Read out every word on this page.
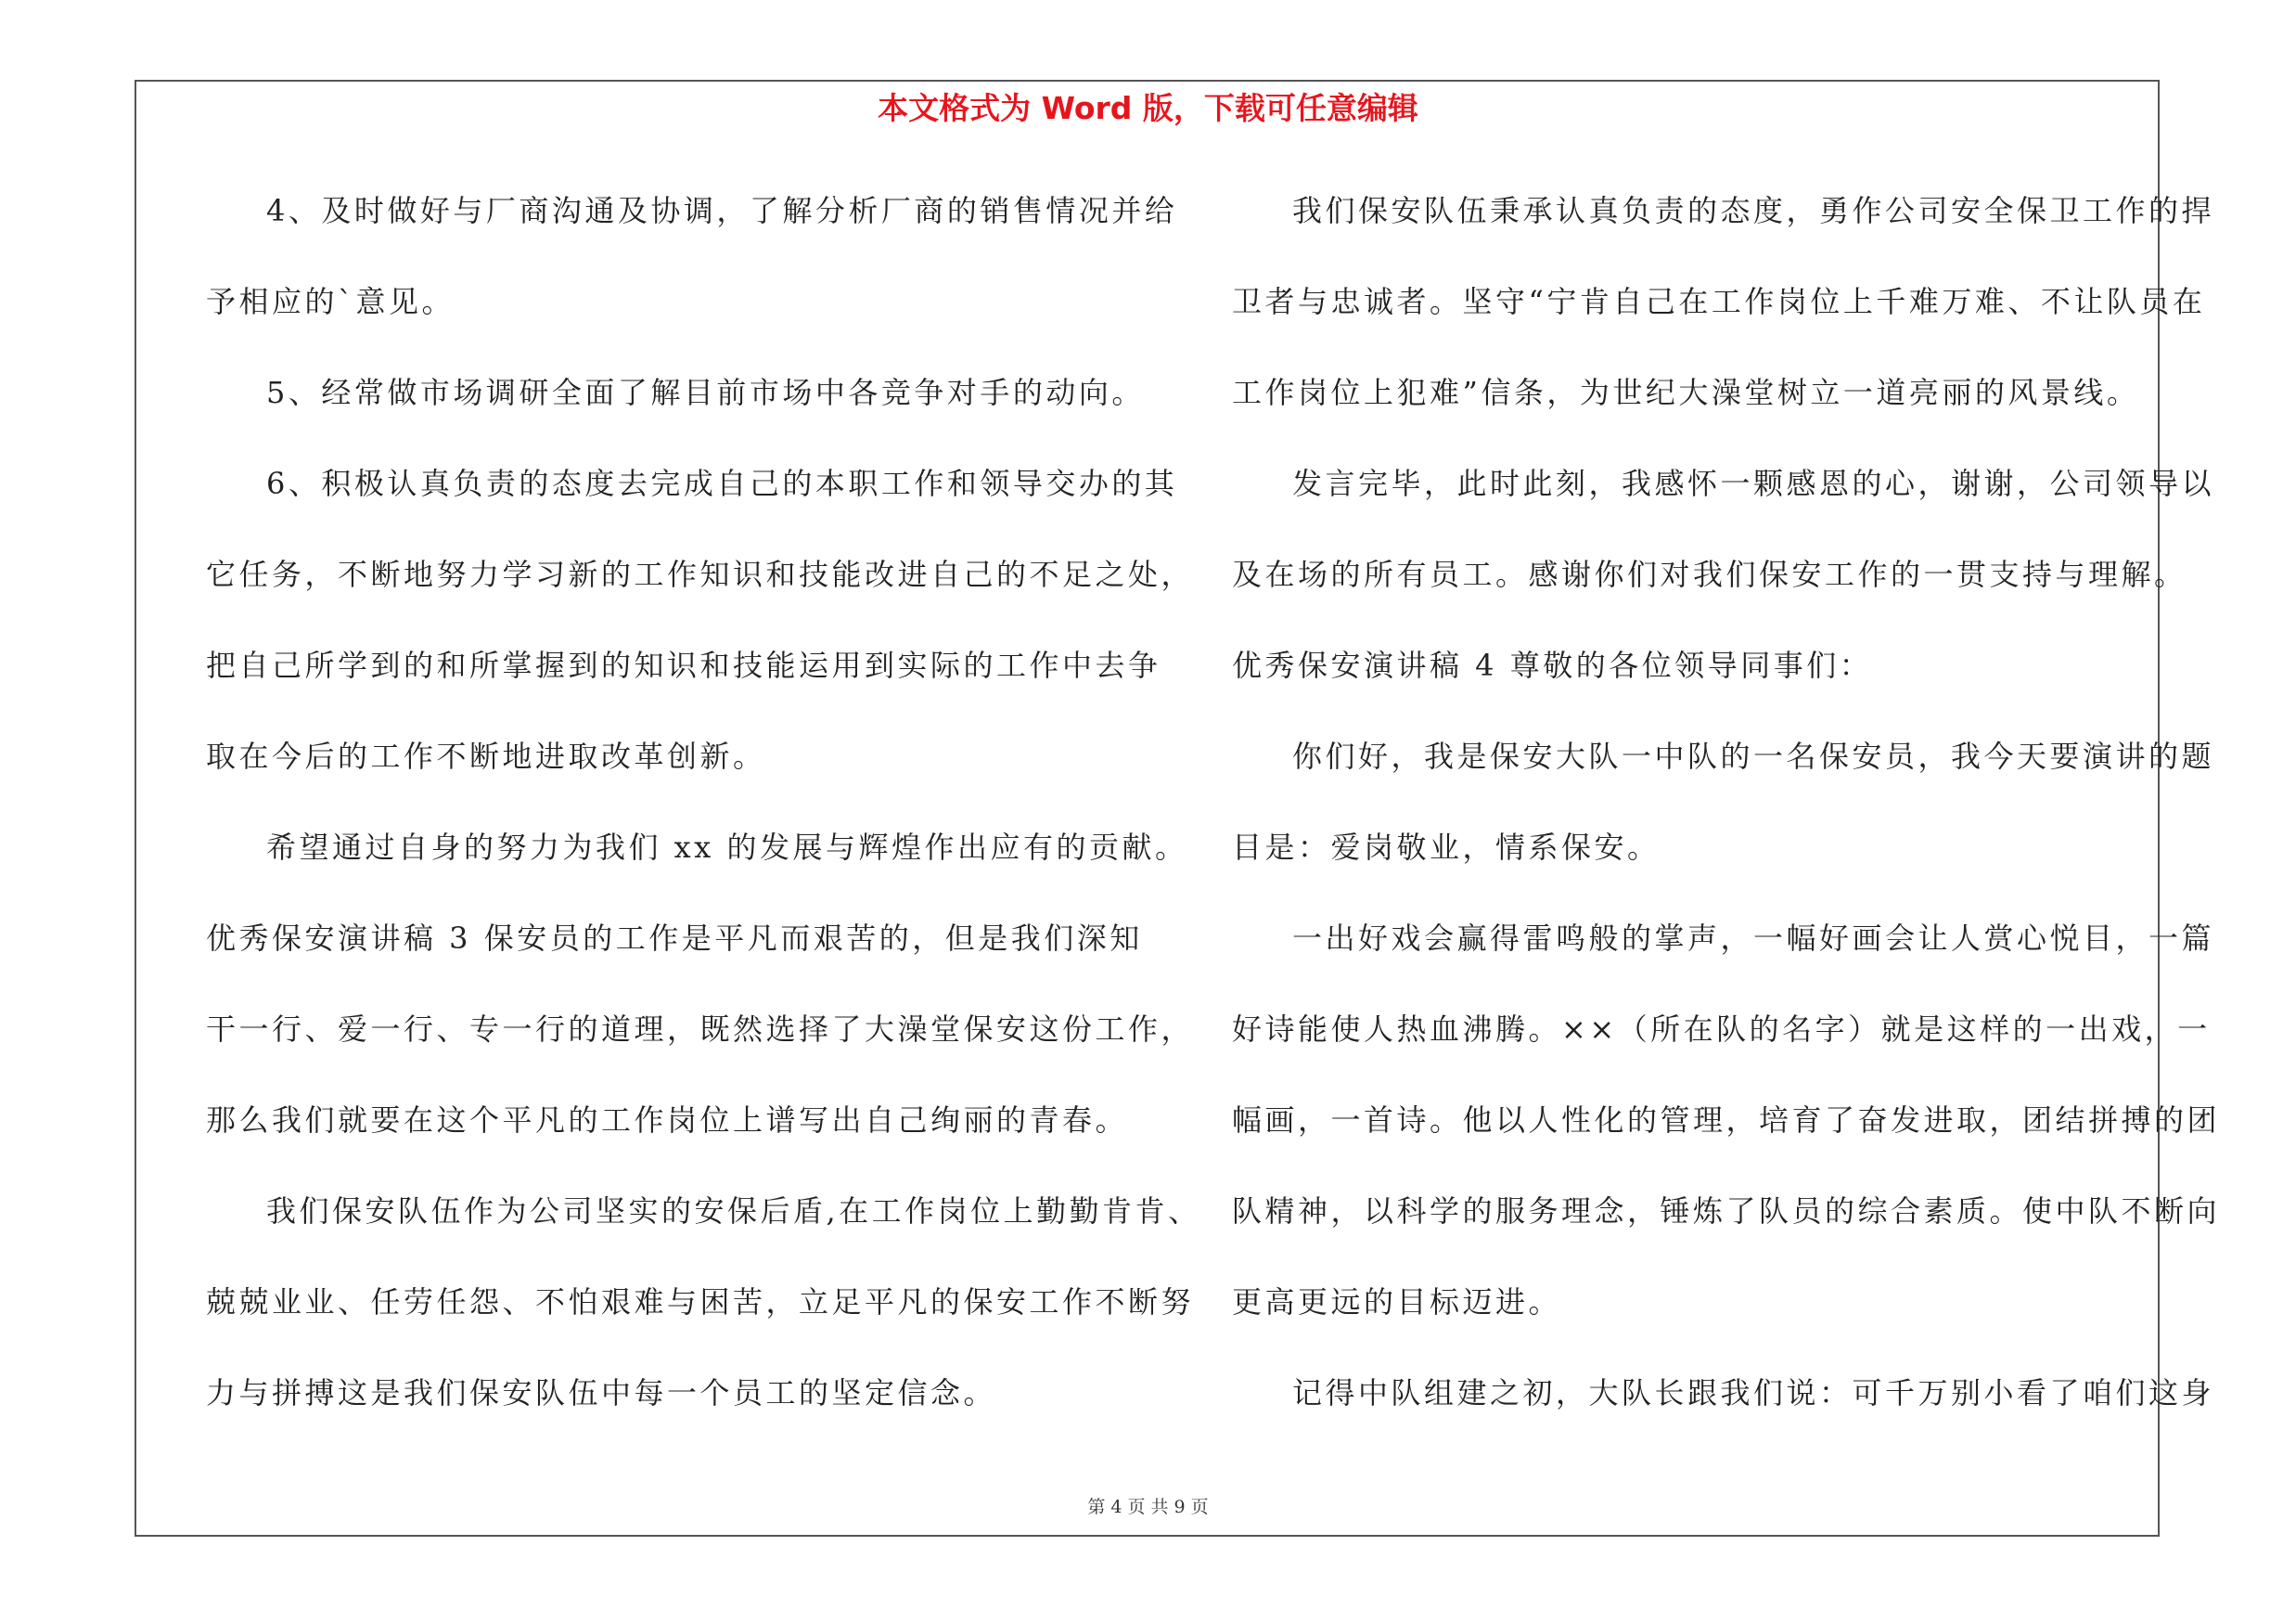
本文格式为 Word 版，下载可任意编辑
4、及时做好与厂商沟通及协调，了解分析厂商的销售情况并给
予相应的`意见。
5、经常做市场调研全面了解目前市场中各竞争对手的动向。
6、积极认真负责的态度去完成自己的本职工作和领导交办的其
它任务，不断地努力学习新的工作知识和技能改进自己的不足之处，
把自己所学到的和所掌握到的知识和技能运用到实际的工作中去争
取在今后的工作不断地进取改革创新。
希望通过自身的努力为我们 xx 的发展与辉煌作出应有的贡献。
优秀保安演讲稿 3 保安员的工作是平凡而艰苦的，但是我们深知
干一行、爱一行、专一行的道理，既然选择了大澡堂保安这份工作，
那么我们就要在这个平凡的工作岗位上谱写出自己绚丽的青春。
我们保安队伍作为公司坚实的安保后盾,在工作岗位上勤勤肯肯、
兢兢业业、任劳任怨、不怕艰难与困苦，立足平凡的保安工作不断努
力与拼搏这是我们保安队伍中每一个员工的坚定信念。
我们保安队伍秉承认真负责的态度，勇作公司安全保卫工作的捍
卫者与忠诚者。坚守“宁肯自己在工作岗位上千难万难、不让队员在
工作岗位上犯难”信条，为世纪大澡堂树立一道亮丽的风景线。
发言完毕，此时此刻，我感怀一颗感恩的心，谢谢，公司领导以
及在场的所有员工。感谢你们对我们保安工作的一贯支持与理解。
优秀保安演讲稿 4 尊敬的各位领导同事们：
你们好，我是保安大队一中队的一名保安员，我今天要演讲的题
目是：爱岗敬业，情系保安。
一出好戏会赢得雷鸣般的掌声，一幅好画会让人赏心悦目，一篇
好诗能使人热血沸腾。××（所在队的名字）就是这样的一出戏，一
幅画，一首诗。他以人性化的管理，培育了奋发进取，团结拼搏的团
队精神，以科学的服务理念，锤炼了队员的综合素质。使中队不断向
更高更远的目标迈进。
记得中队组建之初，大队长跟我们说：可千万别小看了咱们这身
第 4 页 共 9 页
